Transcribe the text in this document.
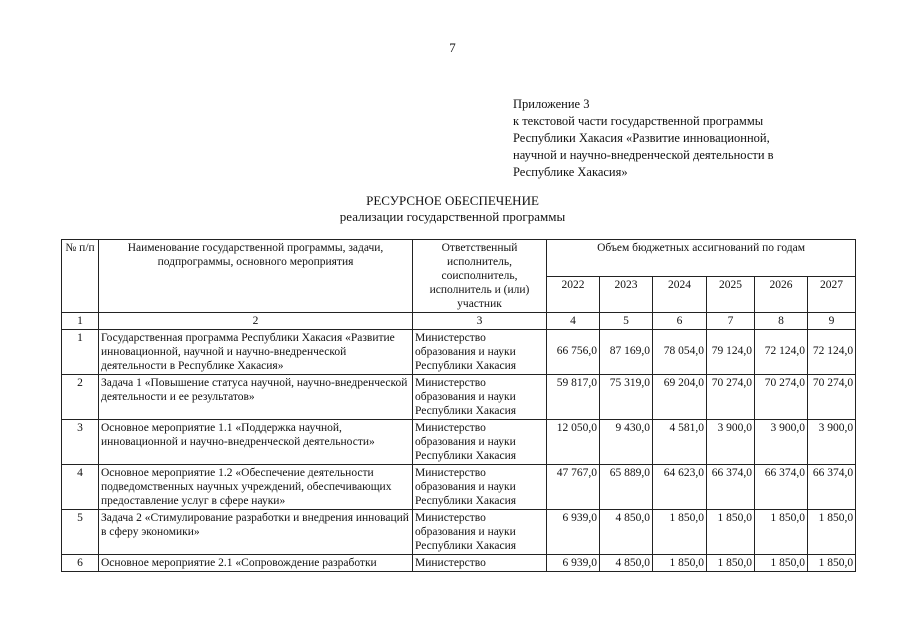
7
Приложение 3
к текстовой части государственной программы
Республики Хакасия «Развитие инновационной,
научной и научно-внедренческой деятельности в
Республике Хакасия»
РЕСУРСНОЕ ОБЕСПЕЧЕНИЕ
реализации государственной программы
№ п/п	Наименование государственной программы, задачи, подпрограммы, основного мероприятия	Ответственный исполнитель, соисполнитель, исполнитель и (или) участник	Объем бюджетных ассигнований по годам					
			2022	2023	2024	2025	2026	2027
1	2	3	4	5	6	7	8	9
1	Государственная программа Республики Хакасия «Развитие инновационной, научной и научно-внедренческой деятельности в Республике Хакасия»	Министерство образования и науки Республики Хакасия	66 756,0	87 169,0	78 054,0	79 124,0	72 124,0	72 124,0
2	Задача 1 «Повышение статуса научной, научно-внедренческой деятельности и ее результатов»	Министерство образования и науки Республики Хакасия	59 817,0	75 319,0	69 204,0	70 274,0	70 274,0	70 274,0
3	Основное мероприятие 1.1 «Поддержка научной, инновационной и научно-внедренческой деятельности»	Министерство образования и науки Республики Хакасия	12 050,0	9 430,0	4 581,0	3 900,0	3 900,0	3 900,0
4	Основное мероприятие 1.2 «Обеспечение деятельности подведомственных научных учреждений, обеспечивающих предоставление услуг в сфере науки»	Министерство образования и науки Республики Хакасия	47 767,0	65 889,0	64 623,0	66 374,0	66 374,0	66 374,0
5	Задача 2 «Стимулирование разработки и внедрения инноваций в сферу экономики»	Министерство образования и науки Республики Хакасия	6 939,0	4 850,0	1 850,0	1 850,0	1 850,0	1 850,0
6	Основное мероприятие 2.1 «Сопровождение разработки	Министерство	6 939,0	4 850,0	1 850,0	1 850,0	1 850,0	1 850,0
